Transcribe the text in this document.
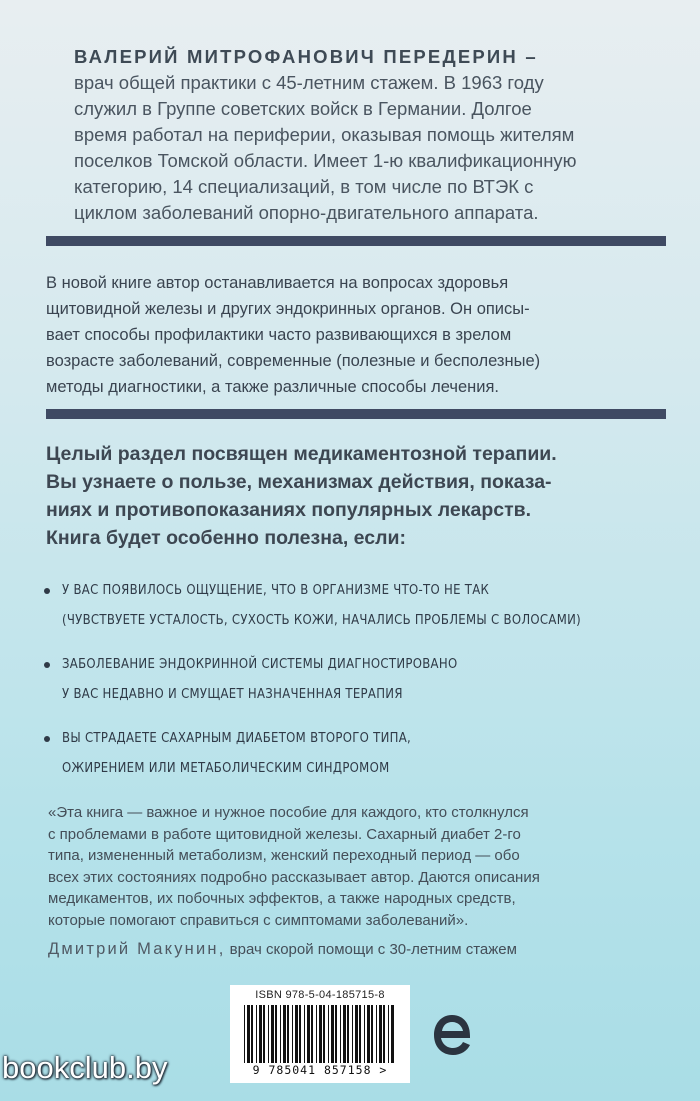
ВАЛЕРИЙ МИТРОФАНОВИЧ ПЕРЕДЕРИН –
врач общей практики с 45-летним стажем. В 1963 году
служил в Группе советских войск в Германии. Долгое
время работал на периферии, оказывая помощь жителям
поселков Томской области. Имеет 1-ю квалификационную
категорию, 14 специализаций, в том числе по ВТЭК с
циклом заболеваний опорно-двигательного аппарата.
В новой книге автор останавливается на вопросах здоровья
щитовидной железы и других эндокринных органов. Он описы-
вает способы профилактики часто развивающихся в зрелом
возрасте заболеваний, современные (полезные и бесполезные)
методы диагностики, а также различные способы лечения.
Целый раздел посвящен медикаментозной терапии.
Вы узнаете о пользе, механизмах действия, показа-
ниях и противопоказаниях популярных лекарств.
Книга будет особенно полезна, если:
У ВАС ПОЯВИЛОСЬ ОЩУЩЕНИЕ, ЧТО В ОРГАНИЗМЕ ЧТО-ТО НЕ ТАК
(ЧУВСТВУЕТЕ УСТАЛОСТЬ, СУХОСТЬ КОЖИ, НАЧАЛИСЬ ПРОБЛЕМЫ С ВОЛОСАМИ)
ЗАБОЛЕВАНИЕ ЭНДОКРИННОЙ СИСТЕМЫ ДИАГНОСТИРОВАНО
У ВАС НЕДАВНО И СМУЩАЕТ НАЗНАЧЕННАЯ ТЕРАПИЯ
ВЫ СТРАДАЕТЕ САХАРНЫМ ДИАБЕТОМ ВТОРОГО ТИПА,
ОЖИРЕНИЕМ ИЛИ МЕТАБОЛИЧЕСКИМ СИНДРОМОМ
«Эта книга — важное и нужное пособие для каждого, кто столкнулся
с проблемами в работе щитовидной железы. Сахарный диабет 2-го
типа, измененный метаболизм, женский переходный период — обо
всех этих состояниях подробно рассказывает автор. Даются описания
медикаментов, их побочных эффектов, а также народных средств,
которые помогают справиться с симптомами заболеваний».
Дмитрий Макунин, врач скорой помощи с 30-летним стажем
ISBN 978-5-04-185715-8
9 785041 857158 >
bookclub.by
